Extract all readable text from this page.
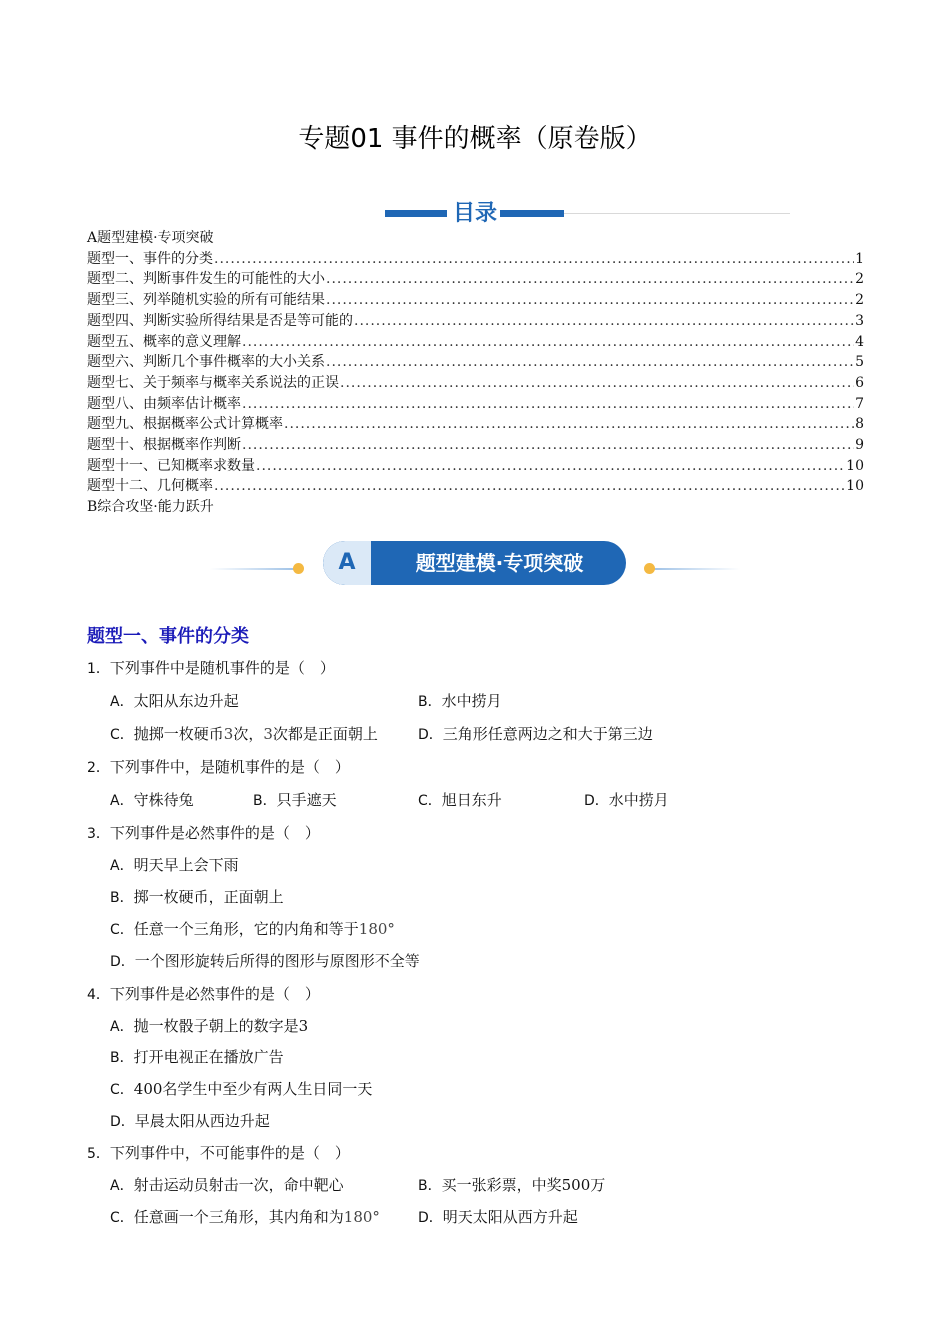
专题01 事件的概率（原卷版）
目录
A题型建模·专项突破
题型一、事件的分类 .....	1
题型二、判断事件发生的可能性的大小 .....	2
题型三、列举随机实验的所有可能结果 .....	2
题型四、判断实验所得结果是否是等可能的 .....	3
题型五、概率的意义理解 .....	4
题型六、判断几个事件概率的大小关系 .....	5
题型七、关于频率与概率关系说法的正误 .....	6
题型八、由频率估计概率 .....	7
题型九、根据概率公式计算概率 .....	8
题型十、根据概率作判断 .....	9
题型十一、已知概率求数量 .....	10
题型十二、几何概率 .....	10
B综合攻坚·能力跃升
A	题型建模·专项突破
题型一、事件的分类
1．下列事件中是随机事件的是（　）
A．太阳从东边升起	B．水中捞月
C．抛掷一枚硬币3次，3次都是正面朝上	D．三角形任意两边之和大于第三边
2．下列事件中，是随机事件的是（　）
A．守株待兔	B．只手遮天	C．旭日东升	D．水中捞月
3．下列事件是必然事件的是（　）
A．明天早上会下雨
B．掷一枚硬币，正面朝上
C．任意一个三角形，它的内角和等于180°
D．一个图形旋转后所得的图形与原图形不全等
4．下列事件是必然事件的是（　）
A．抛一枚骰子朝上的数字是3
B．打开电视正在播放广告
C．400名学生中至少有两人生日同一天
D．早晨太阳从西边升起
5．下列事件中，不可能事件的是（　）
A．射击运动员射击一次，命中靶心	B．买一张彩票，中奖500万
C．任意画一个三角形，其内角和为180°	D．明天太阳从西方升起
